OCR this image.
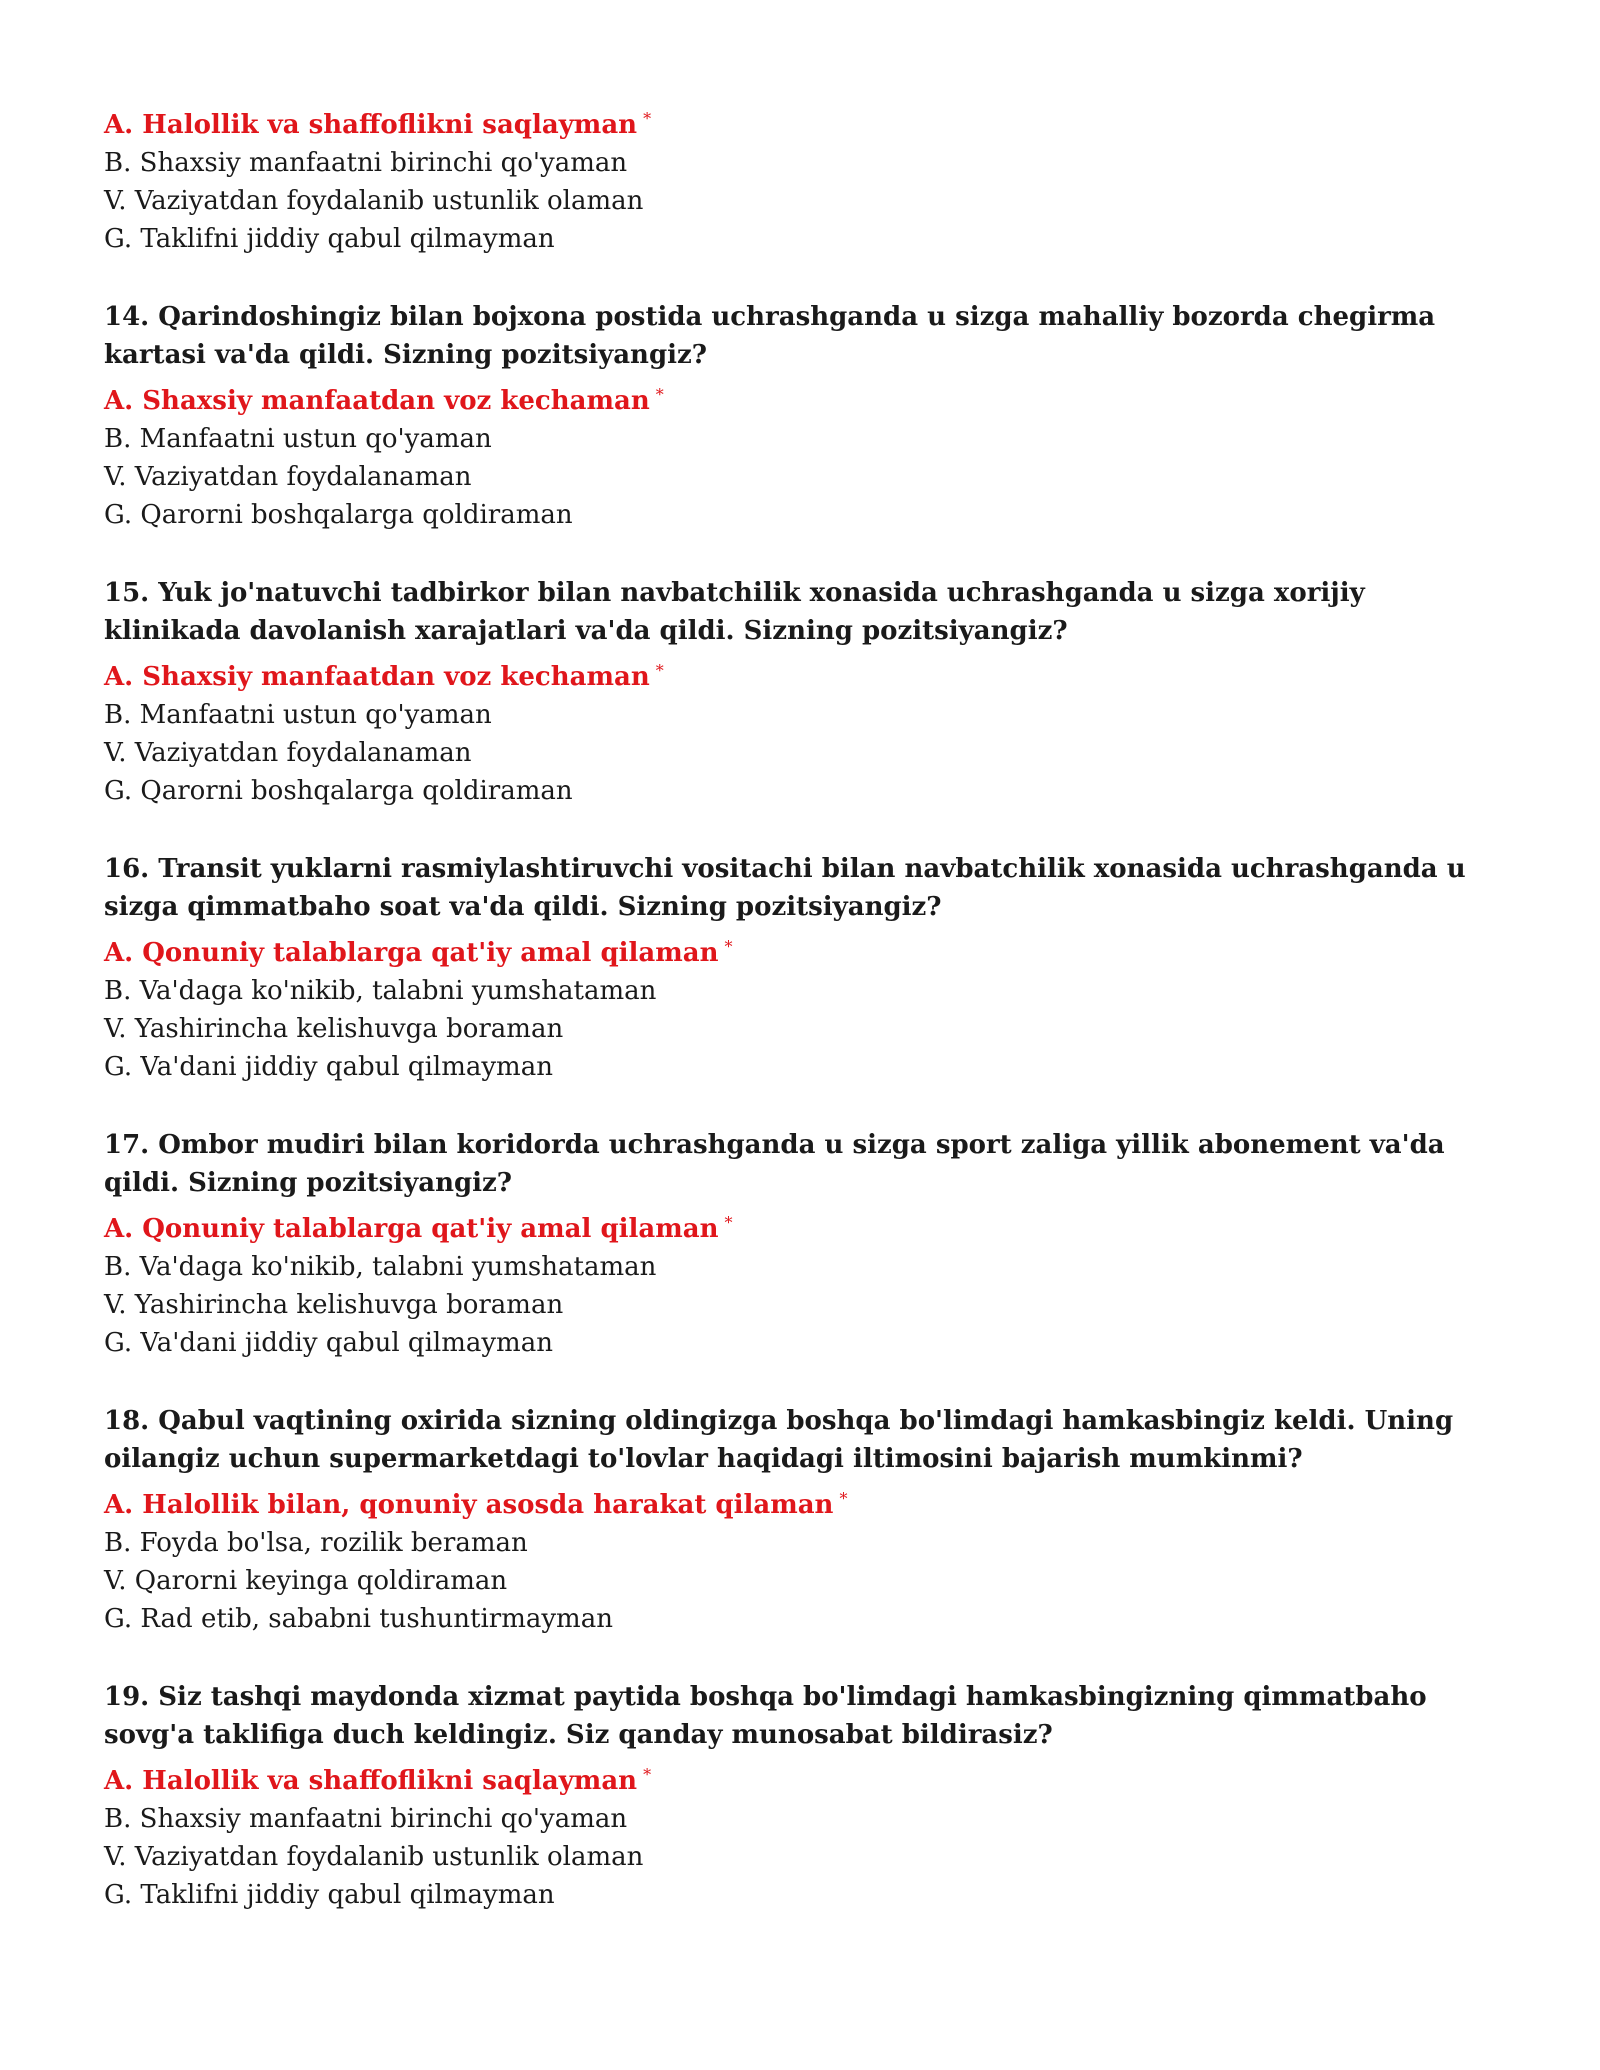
A. Halollik va shaffoflikni saqlayman *

B. Shaxsiy manfaatni birinchi qo'yaman

V. Vaziyatdan foydalanib ustunlik olaman

G. Taklifni jiddiy qabul qilmayman

14. Qarindoshingiz bilan bojxona postida uchrashganda u sizga mahalliy bozorda chegirma kartasi va'da qildi. Sizning pozitsiyangiz?

A. Shaxsiy manfaatdan voz kechaman *

B. Manfaatni ustun qo'yaman

V. Vaziyatdan foydalanaman

G. Qarorni boshqalarga qoldiraman

15. Yuk jo'natuvchi tadbirkor bilan navbatchilik xonasida uchrashganda u sizga xorijiy klinikada davolanish xarajatlari va'da qildi. Sizning pozitsiyangiz?

A. Shaxsiy manfaatdan voz kechaman *

B. Manfaatni ustun qo'yaman

V. Vaziyatdan foydalanaman

G. Qarorni boshqalarga qoldiraman

16. Transit yuklarni rasmiylashtiruvchi vositachi bilan navbatchilik xonasida uchrashganda u sizga qimmatbaho soat va'da qildi. Sizning pozitsiyangiz?

A. Qonuniy talablarga qat'iy amal qilaman *

B. Va'daga ko'nikib, talabni yumshataman

V. Yashirincha kelishuvga boraman

G. Va'dani jiddiy qabul qilmayman

17. Ombor mudiri bilan koridorda uchrashganda u sizga sport zaliga yillik abonement va'da qildi. Sizning pozitsiyangiz?

A. Qonuniy talablarga qat'iy amal qilaman *

B. Va'daga ko'nikib, talabni yumshataman

V. Yashirincha kelishuvga boraman

G. Va'dani jiddiy qabul qilmayman

18. Qabul vaqtining oxirida sizning oldingizga boshqa bo'limdagi hamkasbingiz keldi. Uning oilangiz uchun supermarketdagi to'lovlar haqidagi iltimosini bajarish mumkinmi?

A. Halollik bilan, qonuniy asosda harakat qilaman *

B. Foyda bo'lsa, rozilik beraman

V. Qarorni keyinga qoldiraman

G. Rad etib, sababni tushuntirmayman

19. Siz tashqi maydonda xizmat paytida boshqa bo'limdagi hamkasbingizning qimmatbaho sovg'a taklifiga duch keldingiz. Siz qanday munosabat bildirasiz?

A. Halollik va shaffoflikni saqlayman *

B. Shaxsiy manfaatni birinchi qo'yaman

V. Vaziyatdan foydalanib ustunlik olaman

G. Taklifni jiddiy qabul qilmayman
